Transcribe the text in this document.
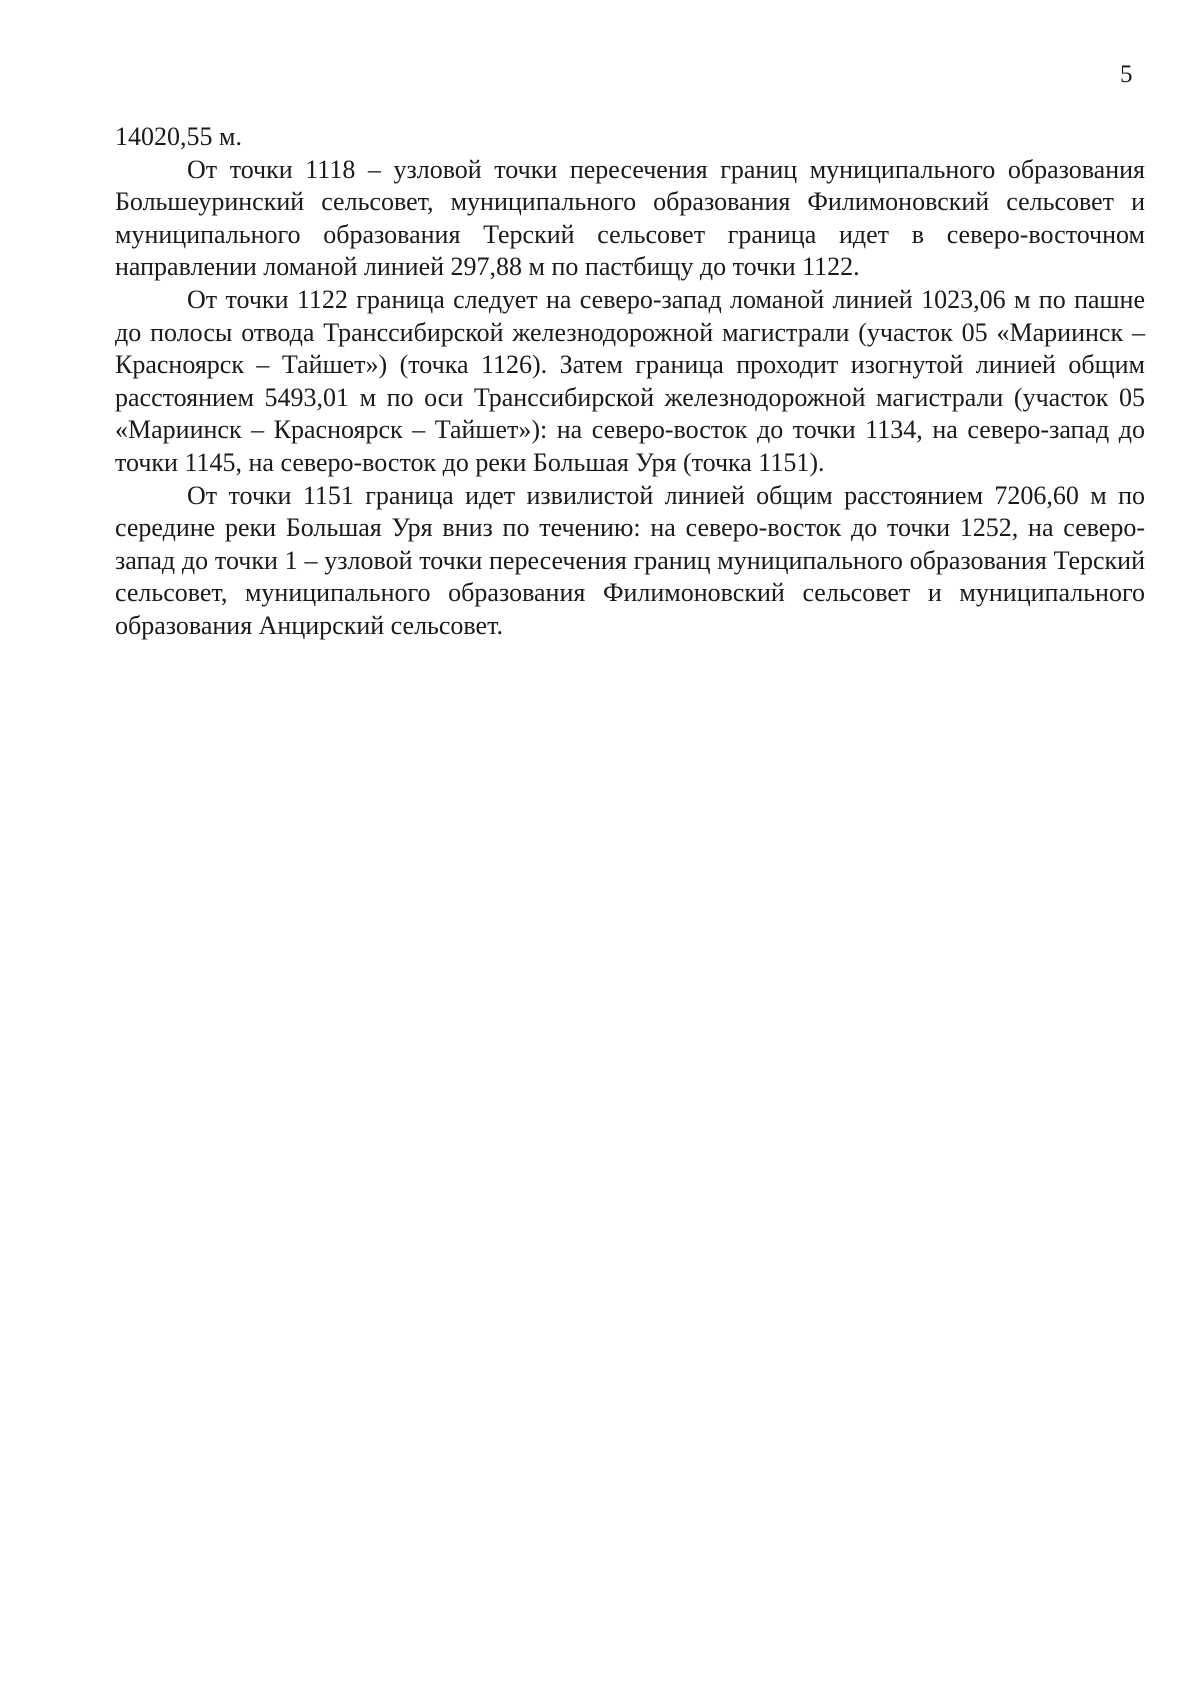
5

14020,55 м.

От точки 1118 – узловой точки пересечения границ муниципального образования Большеуринский сельсовет, муниципального образования Филимоновский сельсовет и муниципального образования Терский сельсовет граница идет в северо-восточном направлении ломаной линией 297,88 м по пастбищу до точки 1122.

От точки 1122 граница следует на северо-запад ломаной линией 1023,06 м по пашне до полосы отвода Транссибирской железнодорожной магистрали (участок 05 «Мариинск – Красноярск – Тайшет») (точка 1126). Затем граница проходит изогнутой линией общим расстоянием 5493,01 м по оси Транссибирской железнодорожной магистрали (участок 05 «Мариинск – Красноярск – Тайшет»): на северо-восток до точки 1134, на северо-запад до точки 1145, на северо-восток до реки Большая Уря (точка 1151).

От точки 1151 граница идет извилистой линией общим расстоянием 7206,60 м по середине реки Большая Уря вниз по течению: на северо-восток до точки 1252, на северо-запад до точки 1 – узловой точки пересечения границ муниципального образования Терский сельсовет, муниципального образования Филимоновский сельсовет и муниципального образования Анцирский сельсовет.
